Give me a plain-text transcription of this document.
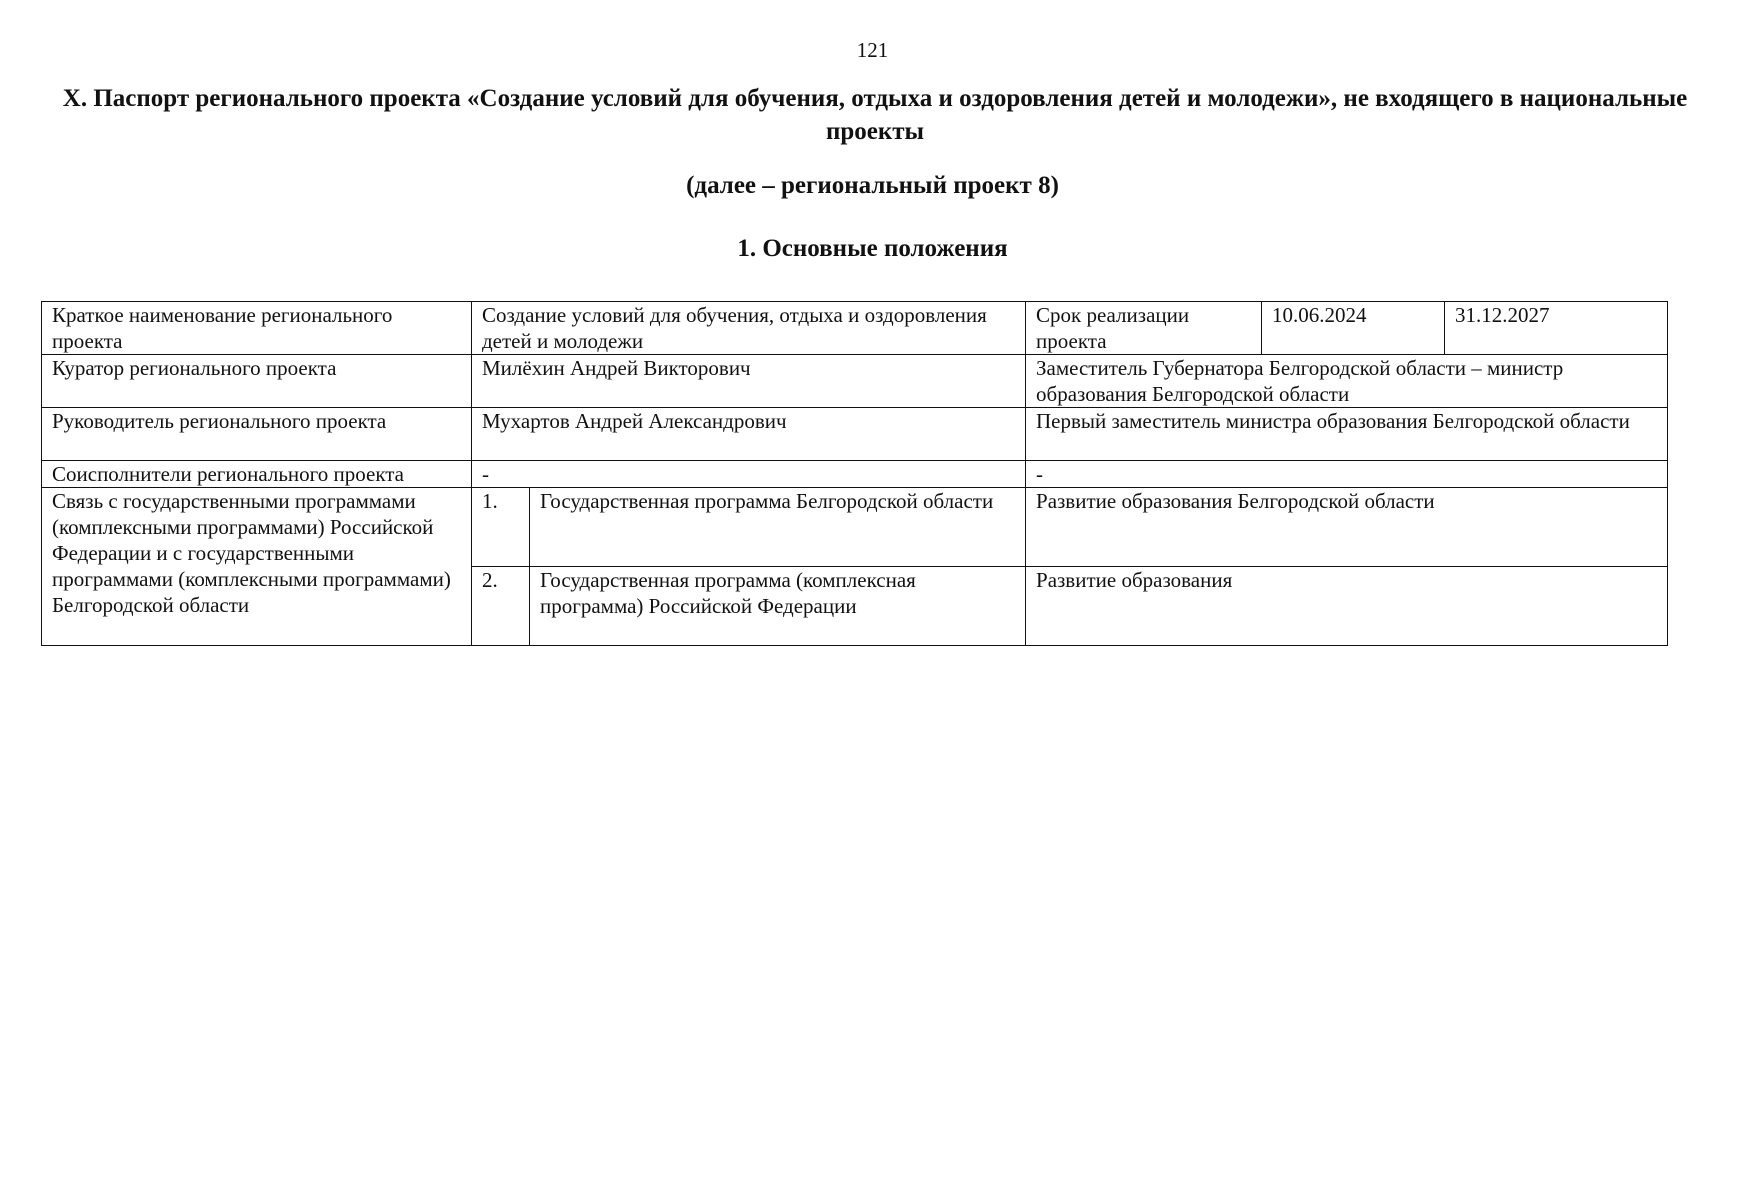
121
X. Паспорт регионального проекта «Создание условий для обучения, отдыха и оздоровления детей и молодежи», не входящего в национальные проекты
(далее – региональный проект 8)
1. Основные положения
Краткое наименование регионального проекта	Создание условий для обучения, отдыха и оздоровления детей и молодежи		Срок реализации проекта	10.06.2024	31.12.2027
Куратор регионального проекта	Милёхин Андрей Викторович		Заместитель Губернатора Белгородской области – министр образования Белгородской области		
Руководитель регионального проекта	Мухартов Андрей Александрович		Первый заместитель министра образования Белгородской области		
Соисполнители регионального проекта	-		-		
Связь с государственными программами (комплексными программами) Российской Федерации и с государственными программами (комплексными программами) Белгородской области	1.	Государственная программа Белгородской области	Развитие образования Белгородской области		
	2.	Государственная программа (комплексная программа) Российской Федерации	Развитие образования		
